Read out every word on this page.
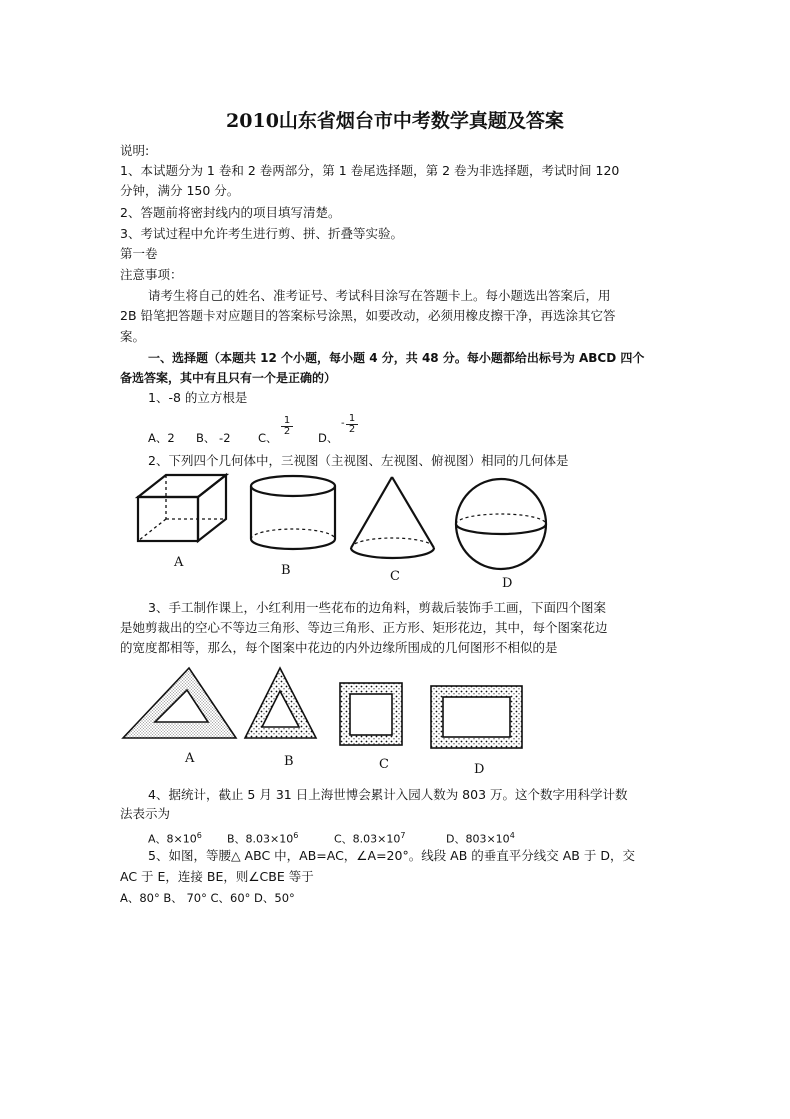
2010山东省烟台市中考数学真题及答案
说明:
1、本试题分为 1 卷和 2 卷两部分，第 1 卷尾选择题，第 2 卷为非选择题，考试时间 120
分钟，满分 150 分。
2、答题前将密封线内的项目填写清楚。
3、考试过程中允许考生进行剪、拼、折叠等实验。
第一卷
注意事项：
请考生将自己的姓名、准考证号、考试科目涂写在答题卡上。每小题选出答案后，用
2B 铅笔把答题卡对应题目的答案标号涂黑，如要改动，必须用橡皮擦干净，再选涂其它答
案。
一、选择题（本题共 12 个小题，每小题 4 分，共 48 分。每小题都给出标号为 ABCD 四个
备选答案，其中有且只有一个是正确的）
1、-8 的立方根是
A、2 B、 -2 C、
$\frac{1}{2}$
D、
- $\frac{1}{2}$
2、下列四个几何体中，三视图（主视图、左视图、俯视图）相同的几何体是
3、手工制作课上，小红利用一些花布的边角料，剪裁后装饰手工画，下面四个图案
是她剪裁出的空心不等边三角形、等边三角形、正方形、矩形花边，其中，每个图案花边
的宽度都相等，那么，每个图案中花边的内外边缘所围成的几何图形不相似的是
4、据统计，截止 5 月 31 日上海世博会累计入园人数为 803 万。这个数字用科学计数
法表示为
A、$8\times 10^6$ B、$8.03\times 10^6$	C、$8.03\times 10^7$	D、$803\times 10^4$
5、如图，等腰△ ABC 中，AB=AC，∠A=20°。线段 AB 的垂直平分线交 AB 于 D，交
AC 于 E，连接 BE，则∠CBE 等于
A、80° B、 70° C、60° D、50°
A
B	C	D
A	B	C	D
